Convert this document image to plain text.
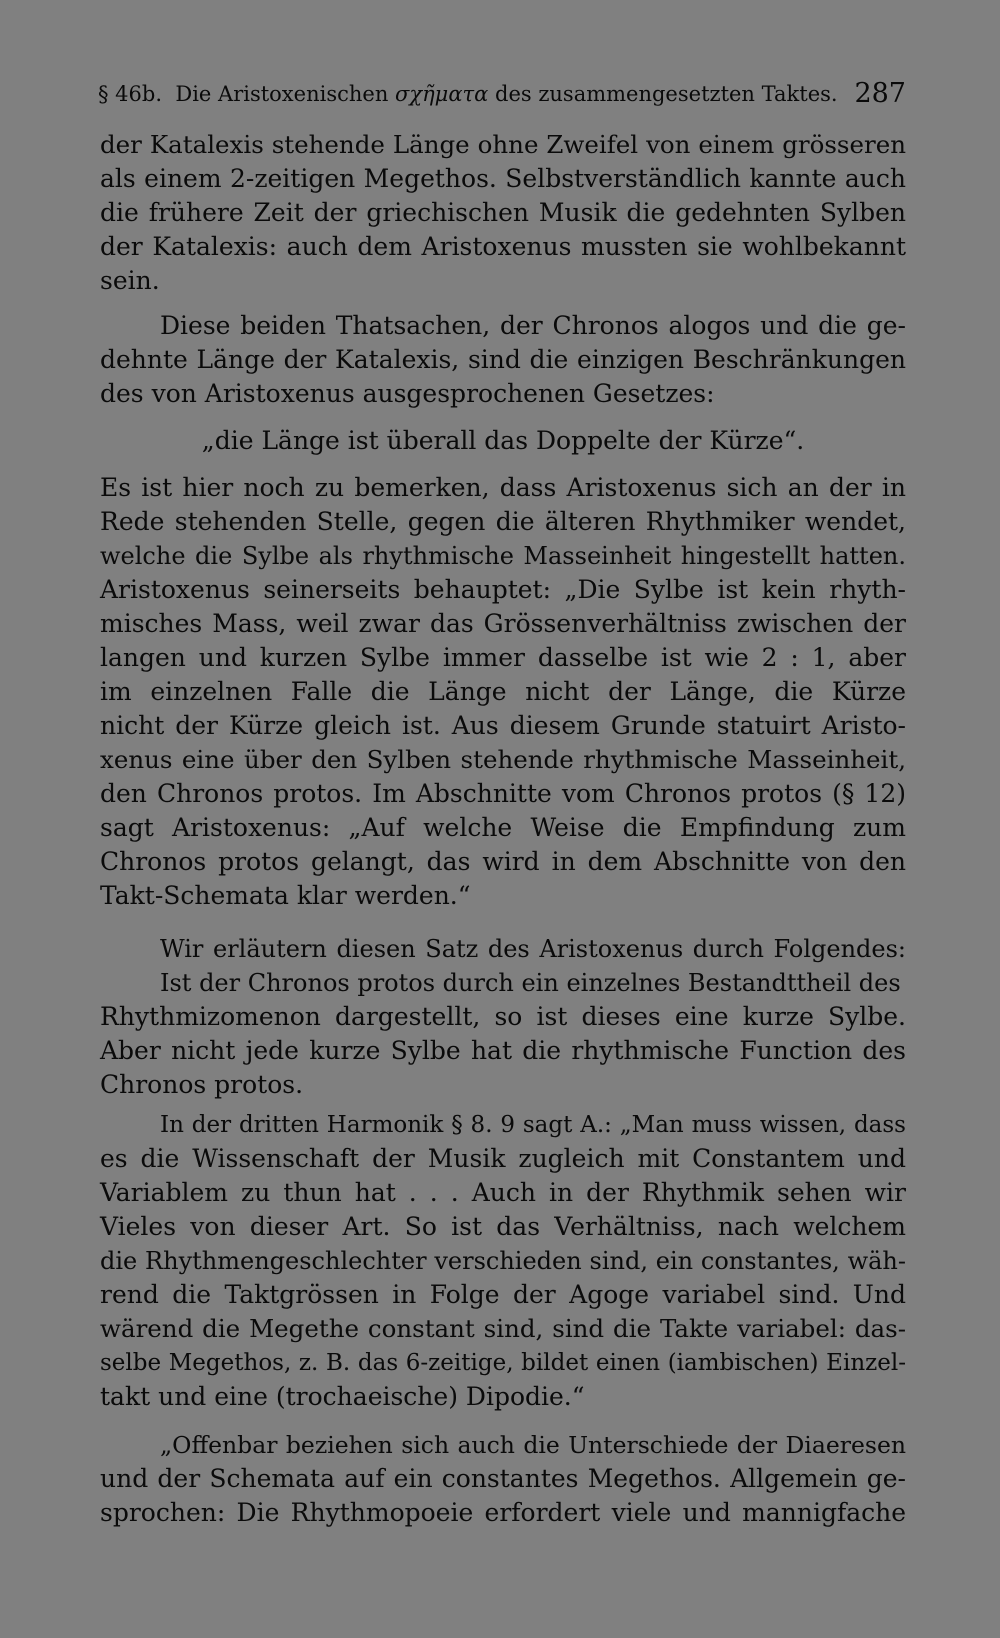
§ 46b. Die Aristoxenischen σχῆματα des zusammengesetzten Taktes. 287
der Katalexis stehende Länge ohne Zweifel von einem grösseren
als einem 2-zeitigen Megethos. Selbstverständlich kannte auch
die frühere Zeit der griechischen Musik die gedehnten Sylben
der Katalexis: auch dem Aristoxenus mussten sie wohlbekannt
sein.
Diese beiden Thatsachen, der Chronos alogos und die ge-
dehnte Länge der Katalexis, sind die einzigen Beschränkungen
des von Aristoxenus ausgesprochenen Gesetzes:
„die Länge ist überall das Doppelte der Kürze“.
Es ist hier noch zu bemerken, dass Aristoxenus sich an der in
Rede stehenden Stelle, gegen die älteren Rhythmiker wendet,
welche die Sylbe als rhythmische Masseinheit hingestellt hatten.
Aristoxenus seinerseits behauptet: „Die Sylbe ist kein rhyth-
misches Mass, weil zwar das Grössenverhältniss zwischen der
langen und kurzen Sylbe immer dasselbe ist wie 2 : 1, aber
im einzelnen Falle die Länge nicht der Länge, die Kürze
nicht der Kürze gleich ist. Aus diesem Grunde statuirt Aristo-
xenus eine über den Sylben stehende rhythmische Masseinheit,
den Chronos protos. Im Abschnitte vom Chronos protos (§ 12)
sagt Aristoxenus: „Auf welche Weise die Empfindung zum
Chronos protos gelangt, das wird in dem Abschnitte von den
Takt-Schemata klar werden.“
Wir erläutern diesen Satz des Aristoxenus durch Folgendes:
Ist der Chronos protos durch ein einzelnes Bestandttheil des
Rhythmizomenon dargestellt, so ist dieses eine kurze Sylbe.
Aber nicht jede kurze Sylbe hat die rhythmische Function des
Chronos protos.
In der dritten Harmonik § 8. 9 sagt A.: „Man muss wissen, dass
es die Wissenschaft der Musik zugleich mit Constantem und
Variablem zu thun hat . . . Auch in der Rhythmik sehen wir
Vieles von dieser Art. So ist das Verhältniss, nach welchem
die Rhythmengeschlechter verschieden sind, ein constantes, wäh-
rend die Taktgrössen in Folge der Agoge variabel sind. Und
wärend die Megethe constant sind, sind die Takte variabel: das-
selbe Megethos, z. B. das 6-zeitige, bildet einen (iambischen) Einzel-
takt und eine (trochaeische) Dipodie.“
„Offenbar beziehen sich auch die Unterschiede der Diaeresen
und der Schemata auf ein constantes Megethos. Allgemein ge-
sprochen: Die Rhythmopoeie erfordert viele und mannigfache
